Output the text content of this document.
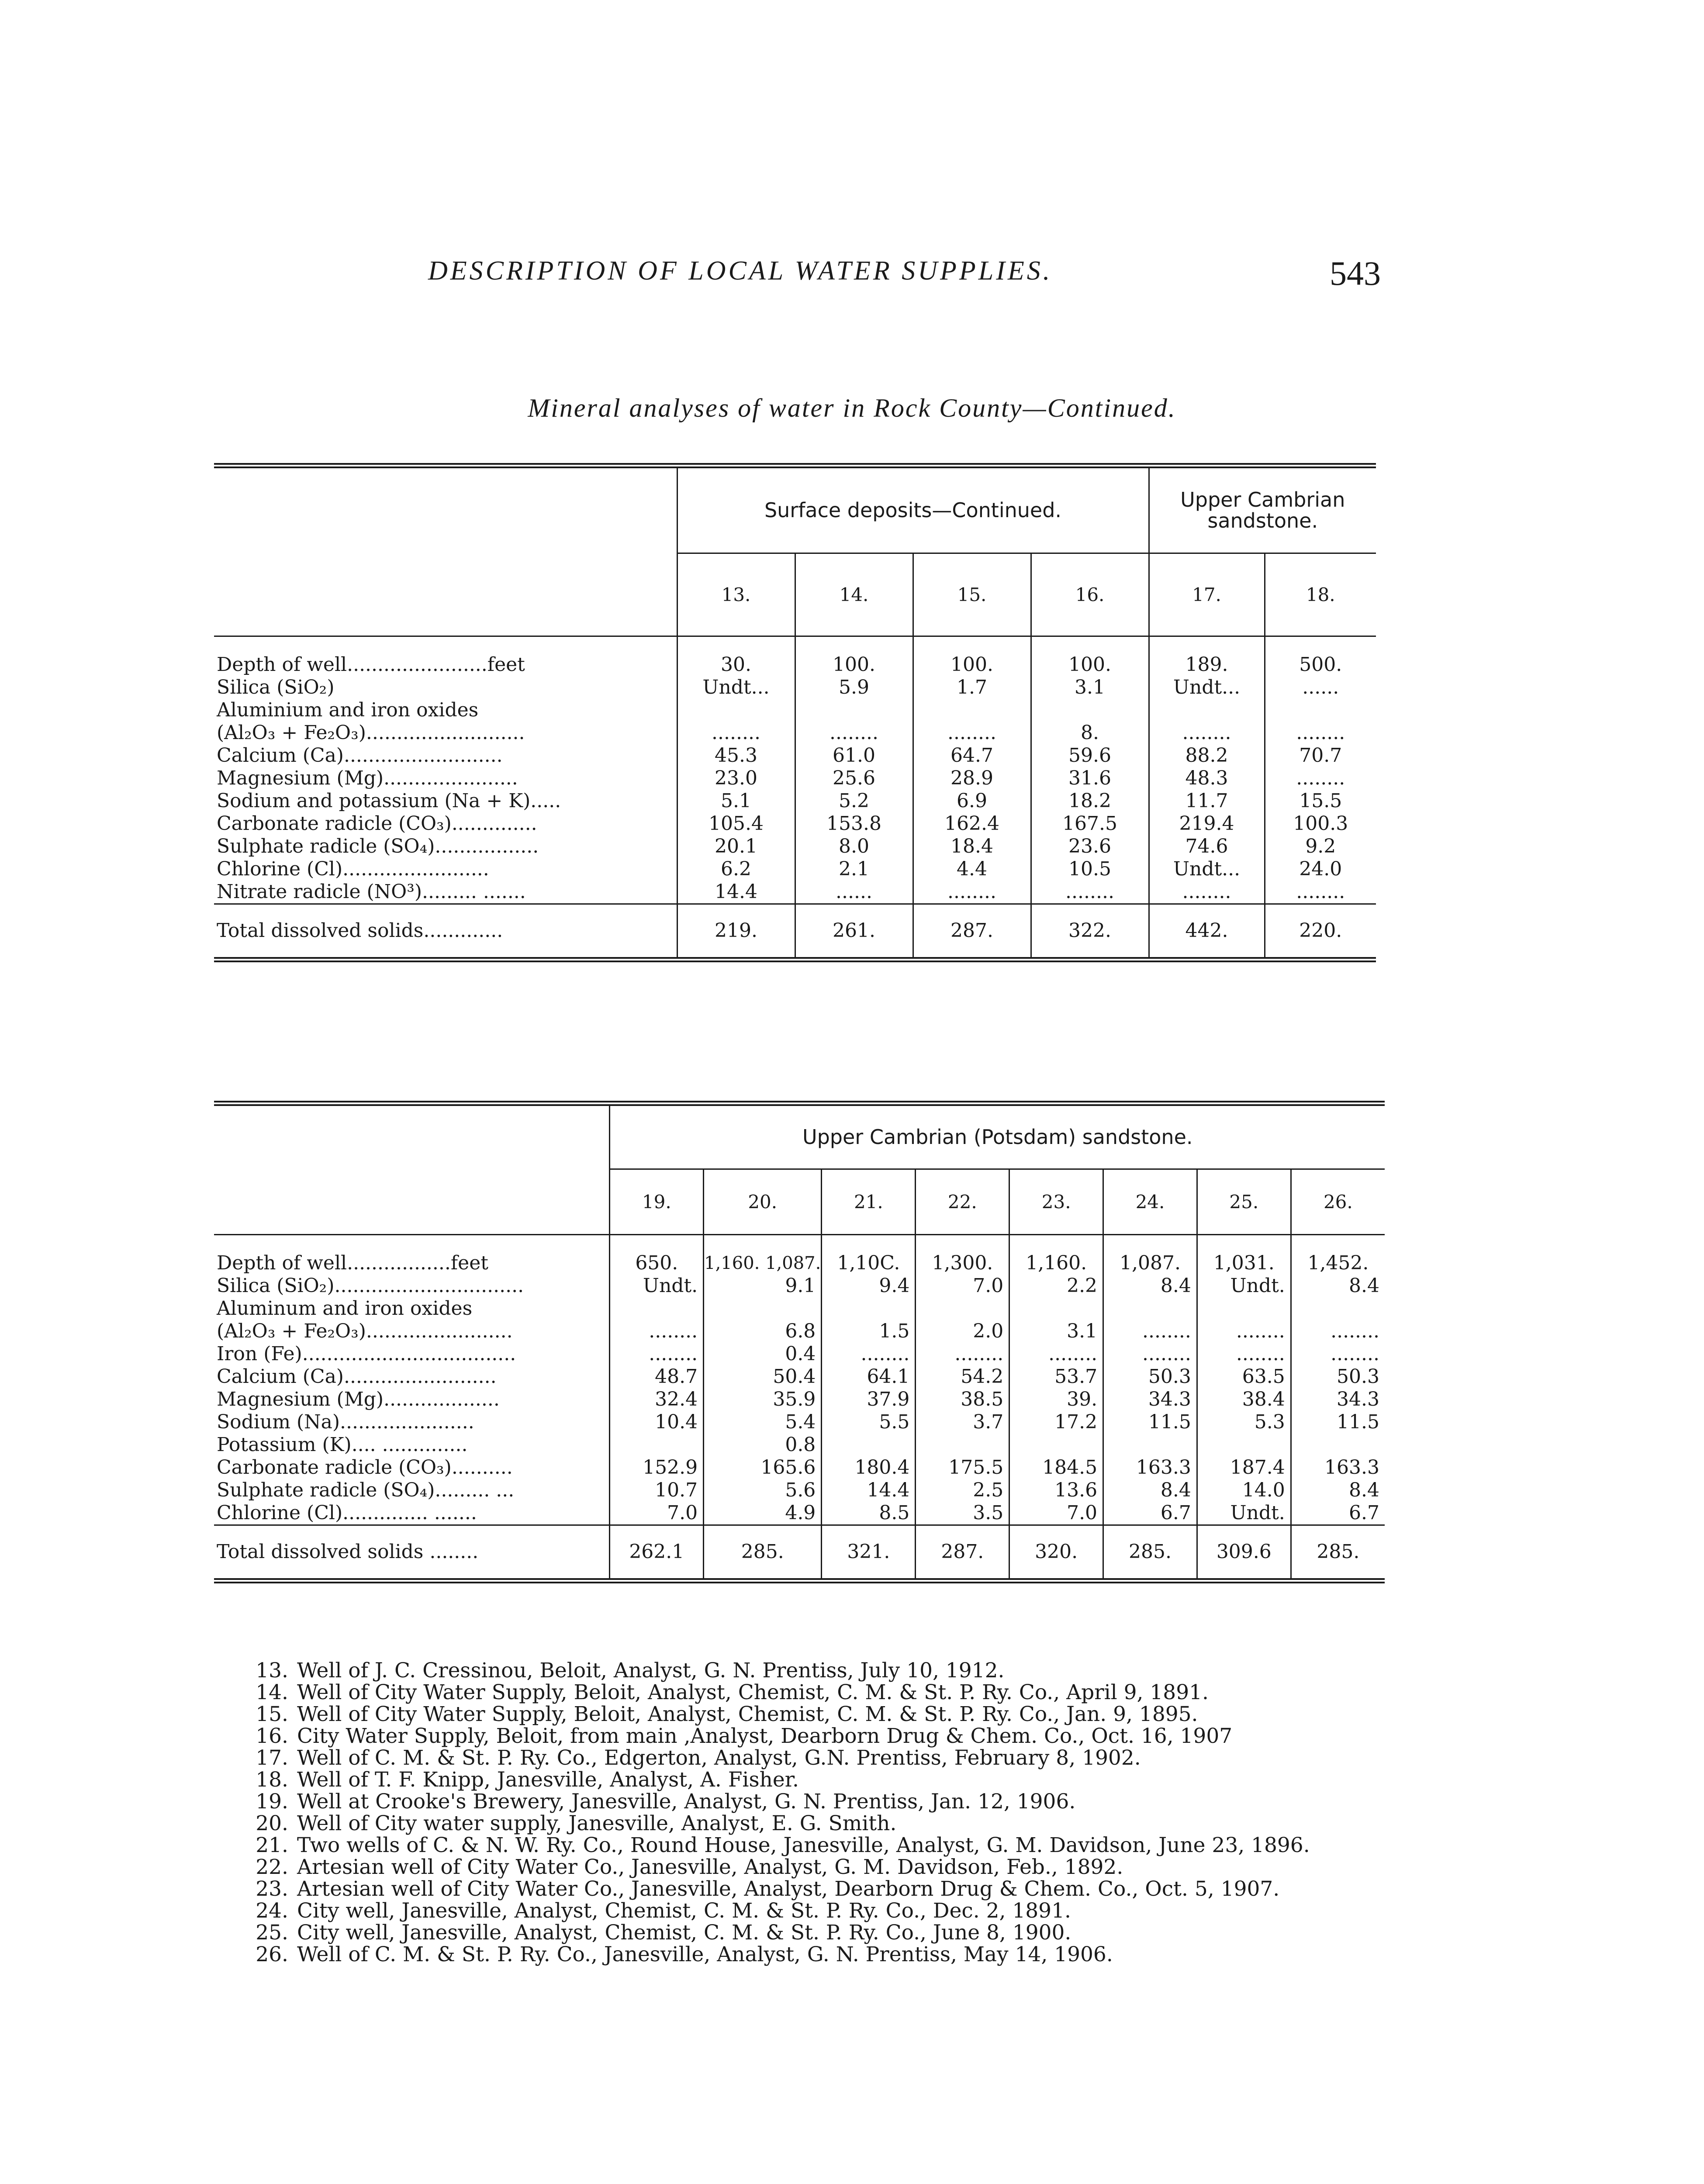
DESCRIPTION OF LOCAL WATER SUPPLIES.	543
Mineral analyses of water in Rock County—Continued.
	Surface deposits—Continued.				Upper Cambrian sandstone.	
	13.	14.	15.	16.	17.	18.

Depth of well.......................feet	30.	100.	100.	100.	189.	500.
Silica (SiO₂)	Undt...	5.9	1.7	3.1	Undt...	......
Aluminium and iron oxides						
(Al₂O₃ + Fe₂O₃)..........................	........	........	........	8.	........	........
Calcium (Ca)..........................	45.3	61.0	64.7	59.6	88.2	70.7
Magnesium (Mg)......................	23.0	25.6	28.9	31.6	48.3	........
Sodium and potassium (Na + K).....	5.1	5.2	6.9	18.2	11.7	15.5
Carbonate radicle (CO₃)..............	105.4	153.8	162.4	167.5	219.4	100.3
Sulphate radicle (SO₄).................	20.1	8.0	18.4	23.6	74.6	9.2
Chlorine (Cl)........................	6.2	2.1	4.4	10.5	Undt...	24.0
Nitrate radicle (NO³)......... .......	14.4	......	........	........	........	........
Total dissolved solids.............	219.	261.	287.	322.	442.	220.
	Upper Cambrian (Potsdam) sandstone.							
	19.	20.	21.	22.	23.	24.	25.	26.

Depth of well.................feet	650.	1,160. 1,087.	1,10C.	1,300.	1,160.	1,087.	1,031.	1,452.
Silica (SiO₂)...............................	Undt.	9.1	9.4	7.0	2.2	8.4	Undt.	8.4
Aluminum and iron oxides								
(Al₂O₃ + Fe₂O₃)........................	........	6.8	1.5	2.0	3.1	........	........	........
Iron (Fe)...................................	........	0.4	........	........	........	........	........	........
Calcium (Ca).........................	48.7	50.4	64.1	54.2	53.7	50.3	63.5	50.3
Magnesium (Mg)...................	32.4	35.9	37.9	38.5	39.	34.3	38.4	34.3
Sodium (Na)......................	10.4	5.4	5.5	3.7	17.2	11.5	5.3	11.5
Potassium (K).... ..............		0.8						
Carbonate radicle (CO₃)..........	152.9	165.6	180.4	175.5	184.5	163.3	187.4	163.3
Sulphate radicle (SO₄)......... ...	10.7	5.6	14.4	2.5	13.6	8.4	14.0	8.4
Chlorine (Cl).............. .......	7.0	4.9	8.5	3.5	7.0	6.7	Undt.	6.7
Total dissolved solids ........	262.1	285.	321.	287.	320.	285.	309.6	285.
13. Well of J. C. Cressinou, Beloit, Analyst, G. N. Prentiss, July 10, 1912.
14. Well of City Water Supply, Beloit, Analyst, Chemist, C. M. & St. P. Ry. Co., April 9, 1891.
15. Well of City Water Supply, Beloit, Analyst, Chemist, C. M. & St. P. Ry. Co., Jan. 9, 1895.
16. City Water Supply, Beloit, from main ,Analyst, Dearborn Drug & Chem. Co., Oct. 16, 1907
17. Well of C. M. & St. P. Ry. Co., Edgerton, Analyst, G.N. Prentiss, February 8, 1902.
18. Well of T. F. Knipp, Janesville, Analyst, A. Fisher.
19. Well at Crooke's Brewery, Janesville, Analyst, G. N. Prentiss, Jan. 12, 1906.
20. Well of City water supply, Janesville, Analyst, E. G. Smith.
21. Two wells of C. & N. W. Ry. Co., Round House, Janesville, Analyst, G. M. Davidson, June 23, 1896.
22. Artesian well of City Water Co., Janesville, Analyst, G. M. Davidson, Feb., 1892.
23. Artesian well of City Water Co., Janesville, Analyst, Dearborn Drug & Chem. Co., Oct. 5, 1907.
24. City well, Janesville, Analyst, Chemist, C. M. & St. P. Ry. Co., Dec. 2, 1891.
25. City well, Janesville, Analyst, Chemist, C. M. & St. P. Ry. Co., June 8, 1900.
26. Well of C. M. & St. P. Ry. Co., Janesville, Analyst, G. N. Prentiss, May 14, 1906.
